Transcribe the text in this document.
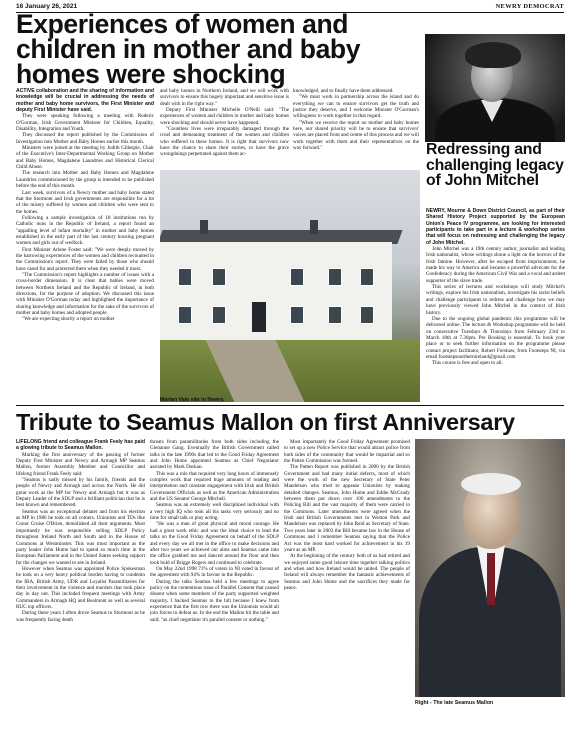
16 January 26, 2021	NEWRY DEMOCRAT
Experiences of women and children in mother and baby homes were shocking

ACTIVE collaboration and the sharing of information and knowledge will be crucial in addressing the needs of mother and baby home survivors, the First Minister and deputy First Minister have said.

They were speaking following a meeting with Roderic O'Gorman, Irish Government Minister for Children, Equality, Disability, Integration and Youth.

They discussed the report published by the Commission of Investigation into Mother and Baby Homes earlier this month.

Ministers were joined at the meeting by Judith Gillespie, Chair of the Executive's Inter-Departmental Working Group on Mother and Baby Homes, Magdalene Laundries and Historical Clerical Child Abuse.

The research into Mother and Baby Homes and Magdalene Laundries commissioned by the group is intended to be published before the end of this month.

Last week, survivors of a Newry mother and baby home stated that the Stormont and Irish governments are responsible for a lot of the misery suffered by women and children who were sent to the homes.

Following a sample investigation of 18 institutions run by Catholic nuns in the Republic of Ireland, a report found an "appalling level of infant mortality" in mother and baby homes established in the early part of the last century housing pregnant women and girls out of wedlock.

First Minister Arlene Foster said: "We were deeply moved by the harrowing experiences of the women and children recounted in the Commission's report. They were failed by those who should have cared for and protected them when they needed it most.

"The Commission's report highlights a number of issues with a cross-border dimension. It is clear that babies were moved between Northern Ireland and the Republic of Ireland, in both directions, for the purpose of adoption. We discussed this issue with Minister O'Gorman today and highlighted the importance of sharing knowledge and information for the sake of the survivors of mother and baby homes and adopted people.

"We are expecting shortly a report on mother

and baby homes in Northern Ireland, and we will work with survivors to ensure this hugely important and sensitive issue is dealt with in the right way."

Deputy First Minister Michelle O'Neill said: "The experiences of women and children in mother and baby homes were shocking and should never have happened.

"Countless lives were irreparably damaged through the cruel and demeaning treatment of the women and children who suffered in these homes. It is right that survivors now have the chance to share their stories, to have the grave wrongdoings perpetrated against them ac-

knowledged, and to finally have them addressed.

"We must work in partnership across the island and do everything we can to ensure survivors get the truth and justice they deserve, and I welcome Minister O'Gorman's willingness to work together in that regard.

"When we receive the report on mother and baby homes here, our shared priority will be to ensure that survivors' voices are placed front and centre of this process and we will work together with them and their representatives on the way forward."

Marian Vale site in Newry.
Redressing and challenging legacy of John Mitchel

NEWRY, Mourne & Down District Council, as part of their Shared History Project supported by the European Union's Peace IV programme, are looking for interested participants to take part in a lecture & workshop series that will focus on redressing and challenging the legacy of John Mitchel.

John Mitchel was a 19th century author, journalist and leading Irish nationalist, whose writings shone a light on the horrors of the Irish famine. However, after he escaped from imprisonment, he made his way to America and became a powerful advocate for the Confederacy during the American Civil War and a vocal and ardent supporter of the slave trade.

This series of lectures and workshops will study Mitchel's writings, explore his Irish nationalism, investigate his racist beliefs and challenge participants to redress and challenge how we may have previously viewed John Mitchel in the context of Irish history.

Due to the ongoing global pandemic this programme will be delivered online. The lecture & Workshop programme will be held on consecutive Tuesdays & Thursdays from February 23rd to March 18th at 7.30pm. Pre Booking is essential. To book your place or to seek further information on the programme please contact project facilitator, Robert Forshaw, from Footsteps NI, via email footstepsnorthernireland@gmail.com

This course is free and open to all.

Tribute to Seamus Mallon on first Anniversary

LIFELONG friend and colleague Frank Feely has paid a glowing tribute to Seamus Mallon.

Marking the first anniversary of the passing of former Deputy First Minister and Newry and Armagh MP Seamus Mallon, former Assembly Member and Councillor and lifelong friend Frank Feely said:

"Seamus is sadly missed by his family, friends and the people of Newry and Armagh and across the North. He did great work as the MP for Newry and Armagh but it was as Deputy Leader of the SDLP and a brilliant politician that he is best known and remembered.

Seamus was an exceptional debater and from his election as MP in 1986 he took on all comers. Unionists and TDs like Conor Cruise O'Brien, demolished all their arguments. Most importantly he was responsible selling SDLP Policy throughout Ireland North and South and in the House of Commons at Westminster. This was most important as the party leader John Hume had to spend so much time in the European Parliament and in the United States seeking support for the changes we wanted to see in Ireland.

However when Seamus was appointed Police Spokesman he took on a very heavy political burden having to condemn the IRA, British Army, UDR and Loyalist Paramilitaries for their involvement in the violence and murders that took place day in day out. This included frequent meetings with Army Commanders in Armagh HQ and Realmont as well as several RUC top officers.

During these years I often drove Seamus to Stormont as he was frequently facing death

threats from paramilitaries from both sides including the Glenanne Gang. Eventually the British Government called talks in the late 1990s that led to the Good Friday Agreement and John Hume appointed Seamus as Chief Negotiator assisted by Mark Durkan.

This was a role that required very long hours of immensely complex work that required huge amounts of reading and interpretation and constant engagement with Irish and British Government Officials as well as the American Administration and the US Senator George Mitchell.

Seamus was an extremely well disciplined individual with a very high IQ who took all his tasks very seriously and no time for small talk or play acting.

"He was a man of great physical and moral courage. He had a great work ethic and was the ideal choice to lead the talks on the Good Friday Agreement on behalf of the SDLP and every day we all met in the office to make decisions and after two years we achieved our aims and Seamus came into the office grabbed me and danced around the floor and then took hold of Brigge Rogers and continued to celebrate.

On May 22nd 1998 71% of voters in NI voted in favour of the agreement with 94% in favour in the Republic.

During the talks Seamus held a few meetings to agree policy on the contentious issue of Parallel Consent that caused dissent when some members of the party supported weighted majority. I backed Seamus to the hilt because I knew from experience that the first row there was the Unionists would all join forces to defeat us. In the end the Mallon hit the table and said; "as chief negotiator it's parallel consent or nothing."

Most importantly the Good Friday Agreement promised to set up a new Police Service that would attract police from both sides of the community that would be impartial and so the Patten Commission was formed.

The Patten Report was published in 2000 by the British Government and had many initial defects, most of which were the work of the new Secretary of State Peter Mandelson who tried to appease Unionists by making detailed changes. Seamus, John Hume and Eddie McGrady between them put down over 100 amendments to the Policing Bill and the vast majority of them were carried in the Commons. Later amendments were agreed when the Irish and British Governments met in Weston Park and Mandelson was replaced by John Reid as Secretary of State. Two years later in 2003 the Bill became law in the House of Commons and I remember Seamus saying that the Police Act was the most hard worked for achievement in his 19 years as an MP.

At the beginning of the century both of us had retired and we enjoyed some good leisure time together talking politics and when and how Ireland would be united. The people of Ireland will always remember the fantastic achievements of Seamus and John Hume and the sacrifices they made for peace.

Right - The late Seamus Mallon
